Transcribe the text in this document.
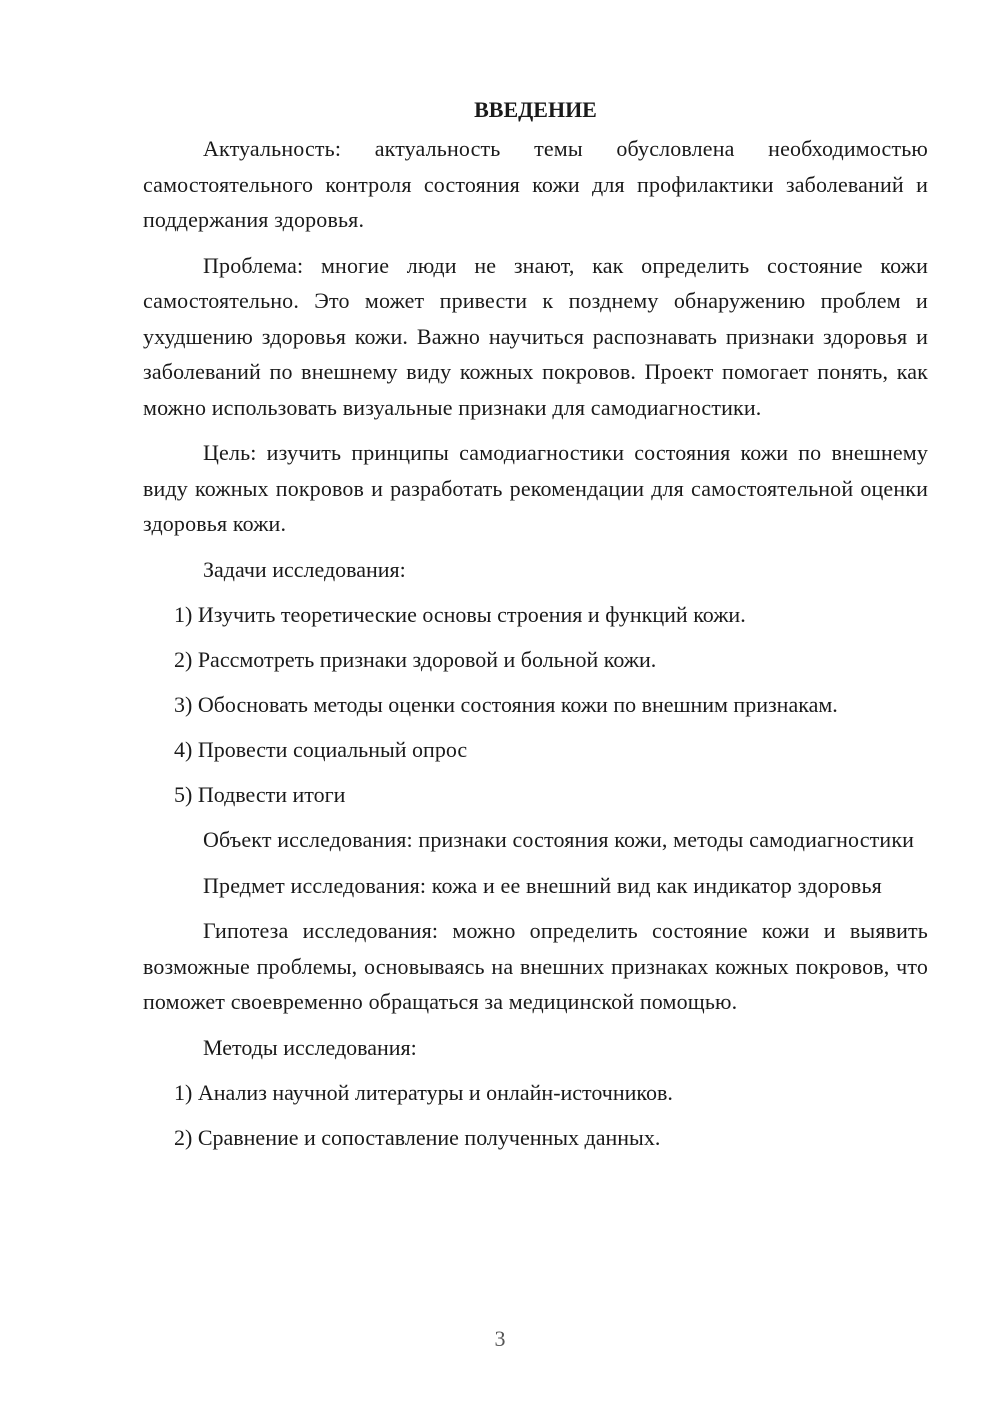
ВВЕДЕНИЕ

Актуальность: актуальность темы обусловлена необходимостью самостоятельного контроля состояния кожи для профилактики заболеваний и поддержания здоровья.

Проблема: многие люди не знают, как определить состояние кожи самостоятельно. Это может привести к позднему обнаружению проблем и ухудшению здоровья кожи. Важно научиться распознавать признаки здоровья и заболеваний по внешнему виду кожных покровов. Проект помогает понять, как можно использовать визуальные признаки для самодиагностики.

Цель: изучить принципы самодиагностики состояния кожи по внешнему виду кожных покровов и разработать рекомендации для самостоятельной оценки здоровья кожи.

Задачи исследования:

1) Изучить теоретические основы строения и функций кожи.

2) Рассмотреть признаки здоровой и больной кожи.

3) Обосновать методы оценки состояния кожи по внешним признакам.

4) Провести социальный опрос

5) Подвести итоги

Объект исследования: признаки состояния кожи, методы самодиагностики

Предмет исследования: кожа и ее внешний вид как индикатор здоровья

Гипотеза исследования: можно определить состояние кожи и выявить возможные проблемы, основываясь на внешних признаках кожных покровов, что поможет своевременно обращаться за медицинской помощью.

Методы исследования:

1) Анализ научной литературы и онлайн-источников.

2) Сравнение и сопоставление полученных данных.

3
